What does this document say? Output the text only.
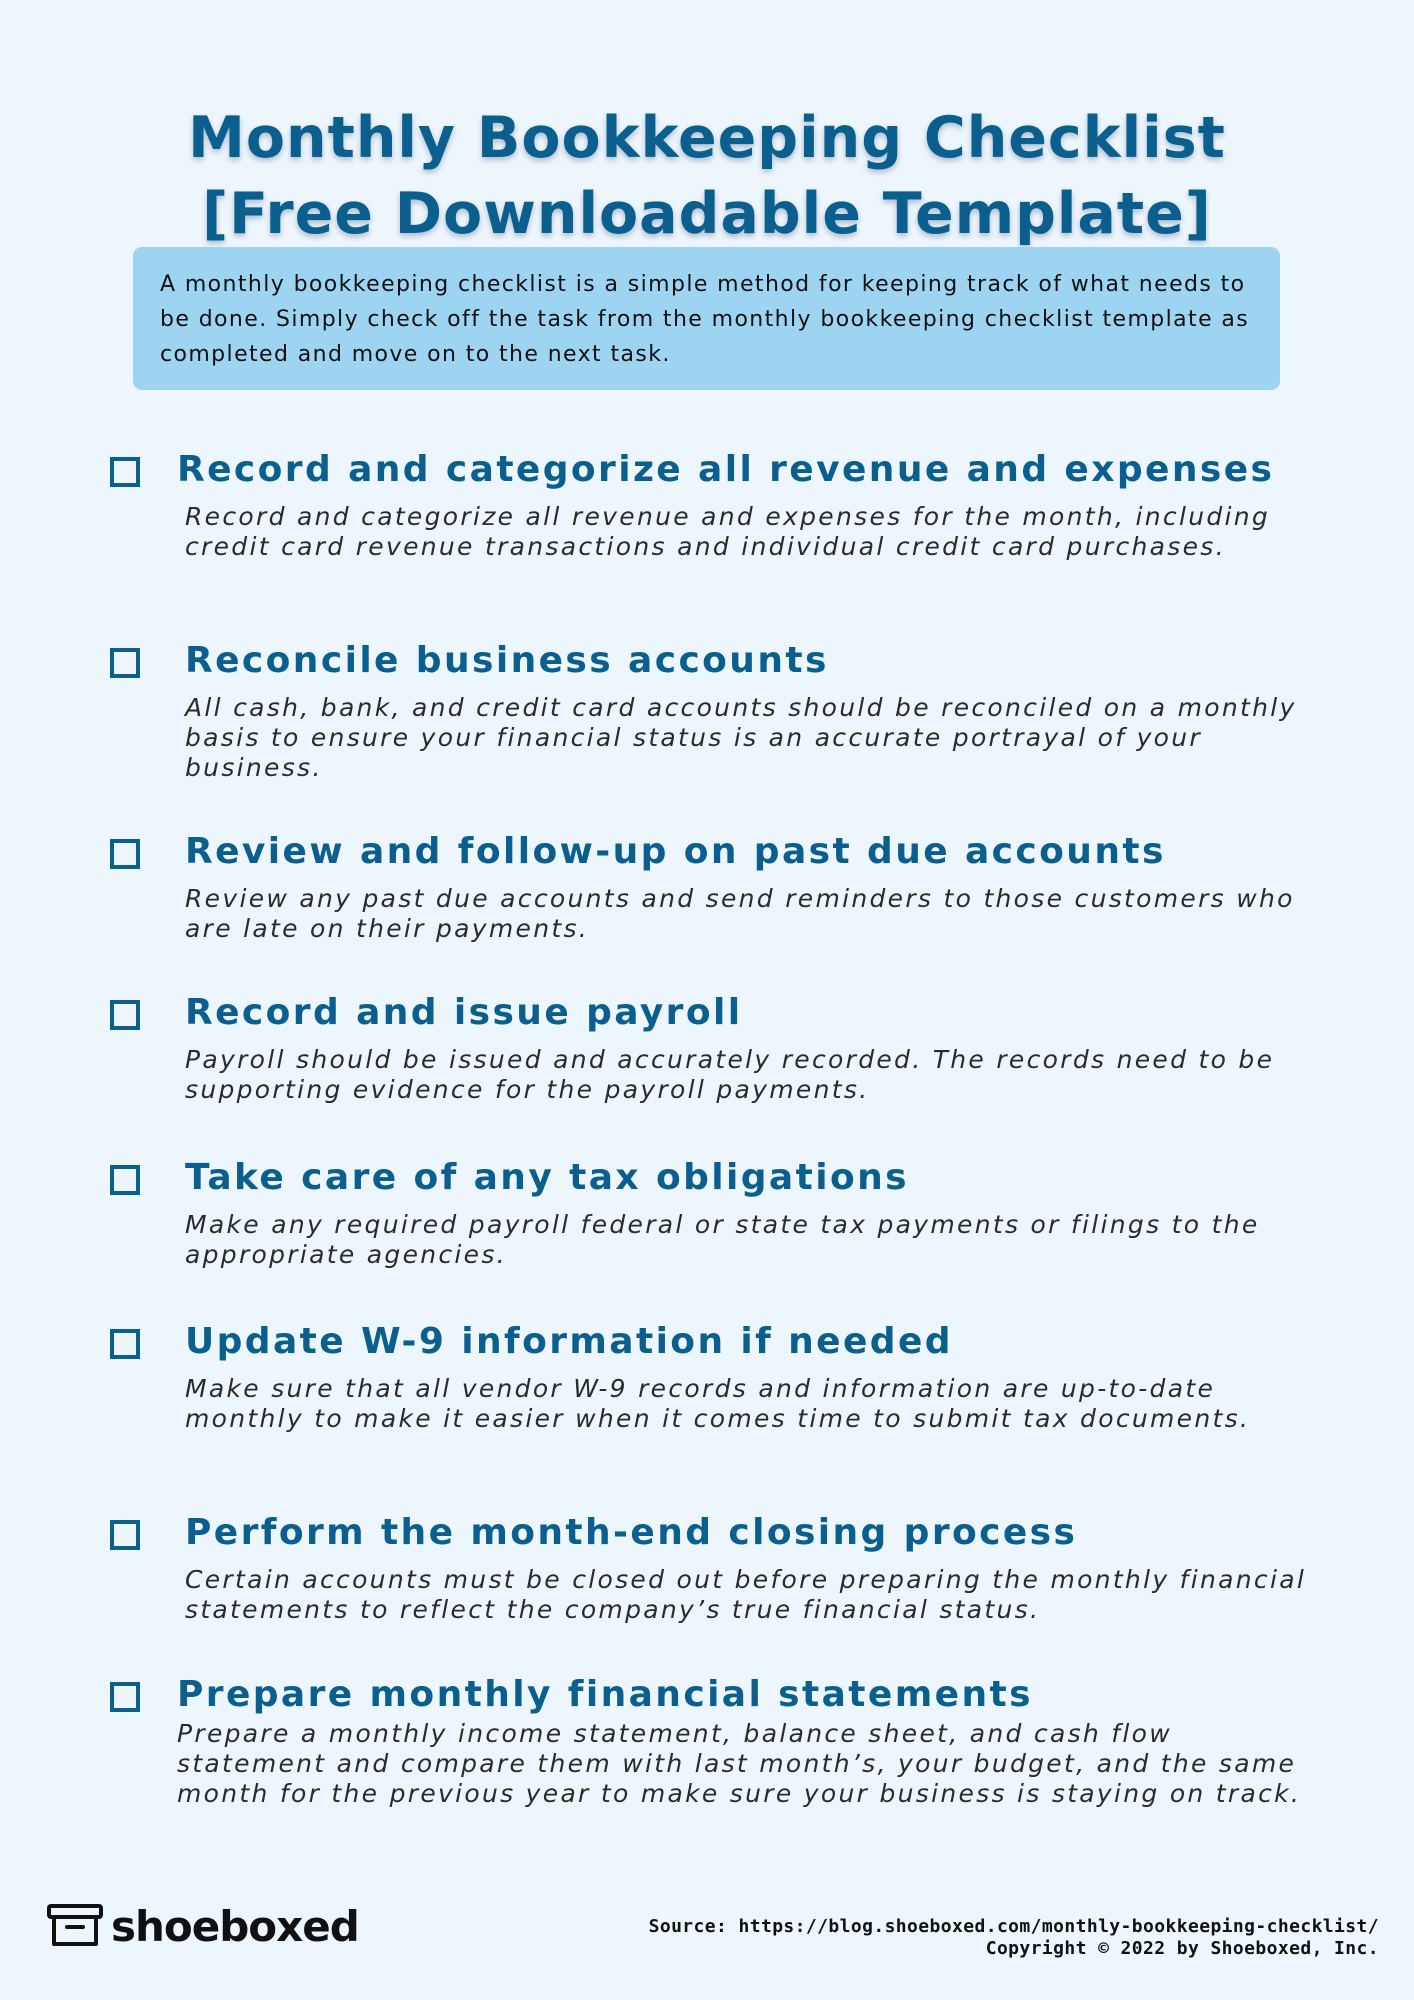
Monthly Bookkeeping Checklist
[Free Downloadable Template]
A monthly bookkeeping checklist is a simple method for keeping track of what needs to be done. Simply check off the task from the monthly bookkeeping checklist template as completed and move on to the next task.
Record and categorize all revenue and expenses
Record and categorize all revenue and expenses for the month, including credit card revenue transactions and individual credit card purchases.
Reconcile business accounts
All cash, bank, and credit card accounts should be reconciled on a monthly basis to ensure your financial status is an accurate portrayal of your business.
Review and follow-up on past due accounts
Review any past due accounts and send reminders to those customers who are late on their payments.
Record and issue payroll
Payroll should be issued and accurately recorded. The records need to be supporting evidence for the payroll payments.
Take care of any tax obligations
Make any required payroll federal or state tax payments or filings to the appropriate agencies.
Update W-9 information if needed
Make sure that all vendor W-9 records and information are up-to-date monthly to make it easier when it comes time to submit tax documents.
Perform the month-end closing process
Certain accounts must be closed out before preparing the monthly financial statements to reflect the company’s true financial status.
Prepare monthly financial statements
Prepare a monthly income statement, balance sheet, and cash flow statement and compare them with last month’s, your budget, and the same month for the previous year to make sure your business is staying on track.
shoeboxed	Source: https://blog.shoeboxed.com/monthly-bookkeeping-checklist/
Copyright © 2022 by Shoeboxed, Inc.
